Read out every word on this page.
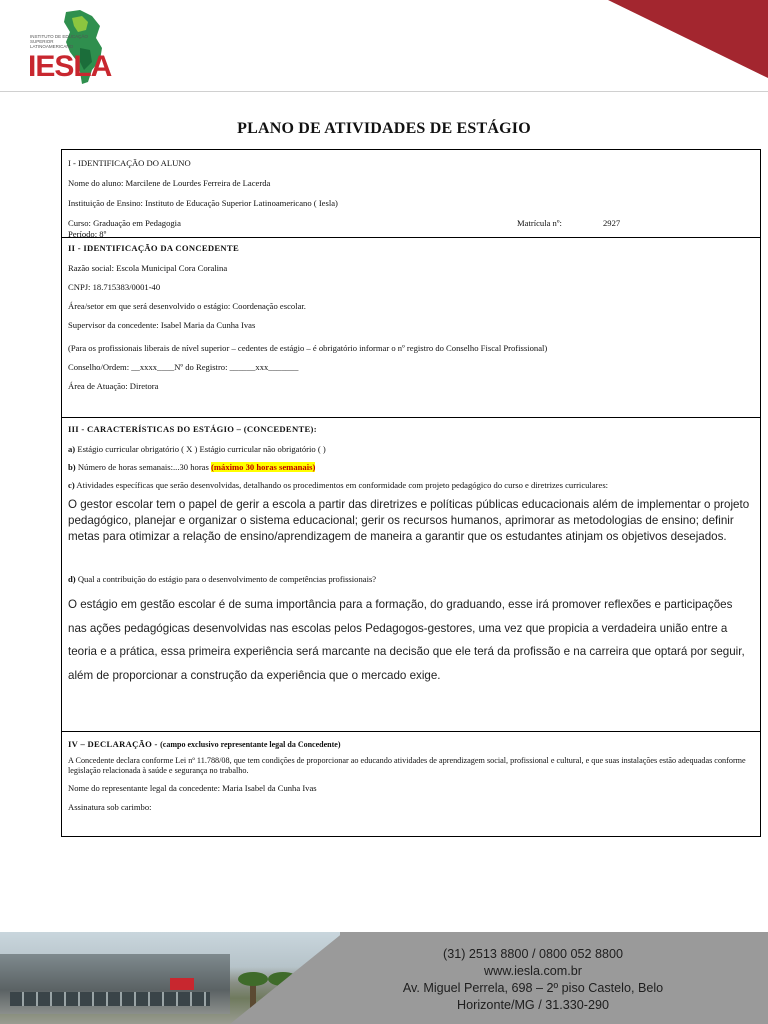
INSTITUTO DE EDUCAÇÃO SUPERIOR LATINOAMERICANO
IESLA
PLANO DE ATIVIDADES DE ESTÁGIO
I - IDENTIFICAÇÃO DO ALUNO
Nome do aluno: Marcilene de Lourdes Ferreira de Lacerda
Instituição de Ensino: Instituto de Educação Superior Latinoamericano ( Iesla)
Curso: Graduação em Pedagogia	Matrícula nº:	2927
Período: 8º
II - IDENTIFICAÇÃO DA CONCEDENTE
Razão social: Escola Municipal Cora Coralina
CNPJ: 18.715383/0001-40
Área/setor em que será desenvolvido o estágio: Coordenação escolar.
Supervisor da concedente: Isabel Maria da Cunha Ivas
(Para os profissionais liberais de nível superior – cedentes de estágio – é obrigatório informar o nº registro do Conselho Fiscal Profissional)
Conselho/Ordem: __xxxx____Nº do Registro: ______xxx_______
Área de Atuação: Diretora
III - CARACTERÍSTICAS DO ESTÁGIO – (CONCEDENTE):
a) Estágio curricular obrigatório ( X ) Estágio curricular não obrigatório ( )
b) Número de horas semanais:...30 horas (máximo 30 horas semanais)
c) Atividades específicas que serão desenvolvidas, detalhando os procedimentos em conformidade com projeto pedagógico do curso e diretrizes curriculares:
O gestor escolar tem o papel de gerir a escola a partir das diretrizes e políticas públicas educacionais além de implementar o projeto pedagógico, planejar e organizar o sistema educacional; gerir os recursos humanos, aprimorar as metodologias de ensino; definir metas para otimizar a relação de ensino/aprendizagem de maneira a garantir que os estudantes atinjam os objetivos desejados.
d) Qual a contribuição do estágio para o desenvolvimento de competências profissionais?
O estágio em gestão escolar é de suma importância para a formação, do graduando, esse irá promover reflexões e participações nas ações pedagógicas desenvolvidas nas escolas pelos Pedagogos-gestores, uma vez que propicia a verdadeira união entre a teoria e a prática, essa primeira experiência será marcante na decisão que ele terá da profissão e na carreira que optará por seguir, além de proporcionar a construção da experiência que o mercado exige.
IV – DECLARAÇÃO - (campo exclusivo representante legal da Concedente)
A Concedente declara conforme Lei nº 11.788/08, que tem condições de proporcionar ao educando atividades de aprendizagem social, profissional e cultural, e que suas instalações estão adequadas conforme legislação relacionada à saúde e segurança no trabalho.
Nome do representante legal da concedente: Maria Isabel da Cunha Ivas
Assinatura sob carimbo:
(31) 2513 8800 / 0800 052 8800
www.iesla.com.br
Av. Miguel Perrela, 698 – 2º piso Castelo, Belo
Horizonte/MG / 31.330-290
